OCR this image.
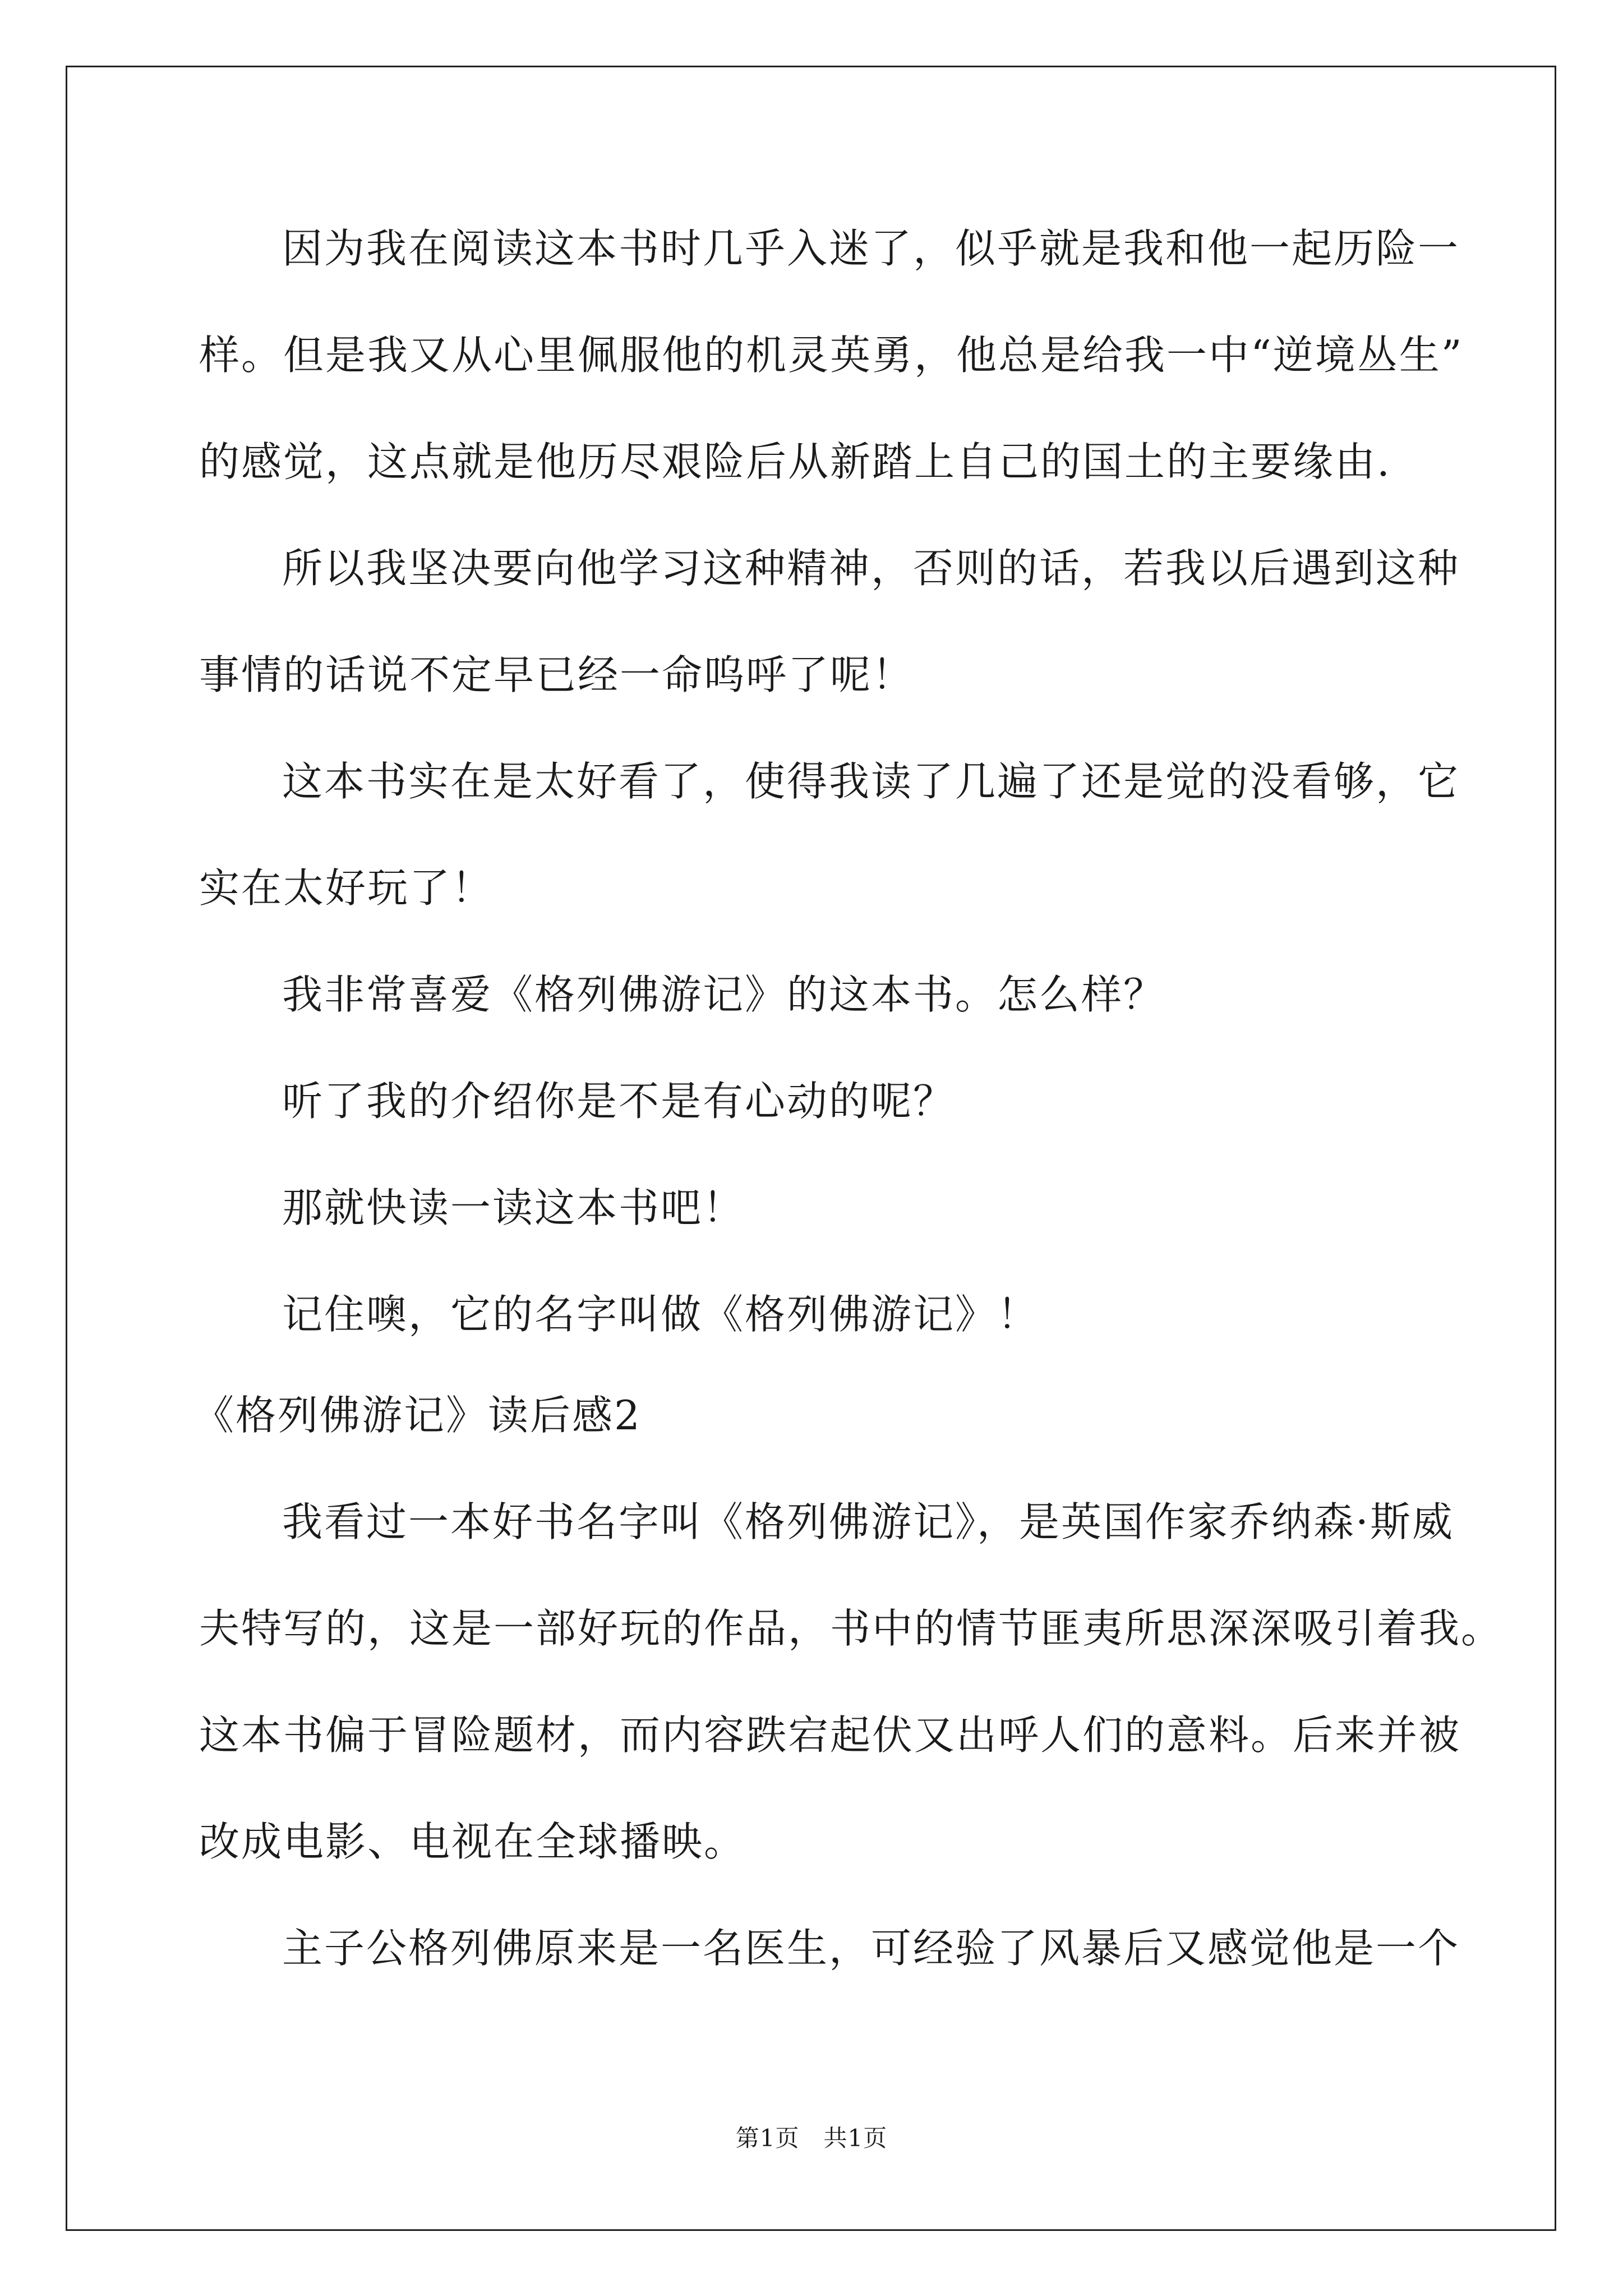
因为我在阅读这本书时几乎入迷了，似乎就是我和他一起历险一
样。但是我又从心里佩服他的机灵英勇，他总是给我一中“逆境丛生”
的感觉，这点就是他历尽艰险后从新踏上自己的国土的主要缘由.
所以我坚决要向他学习这种精神，否则的话，若我以后遇到这种
事情的话说不定早已经一命呜呼了呢！
这本书实在是太好看了，使得我读了几遍了还是觉的没看够，它
实在太好玩了！
我非常喜爱《格列佛游记》的这本书。怎么样？
听了我的介绍你是不是有心动的呢？
那就快读一读这本书吧！
记住噢，它的名字叫做《格列佛游记》！
《格列佛游记》读后感2
我看过一本好书名字叫《格列佛游记》，是英国作家乔纳森·斯威
夫特写的，这是一部好玩的作品，书中的情节匪夷所思深深吸引着我。
这本书偏于冒险题材，而内容跌宕起伏又出呼人们的意料。后来并被
改成电影、电视在全球播映。
主子公格列佛原来是一名医生，可经验了风暴后又感觉他是一个
第1页　共1页
